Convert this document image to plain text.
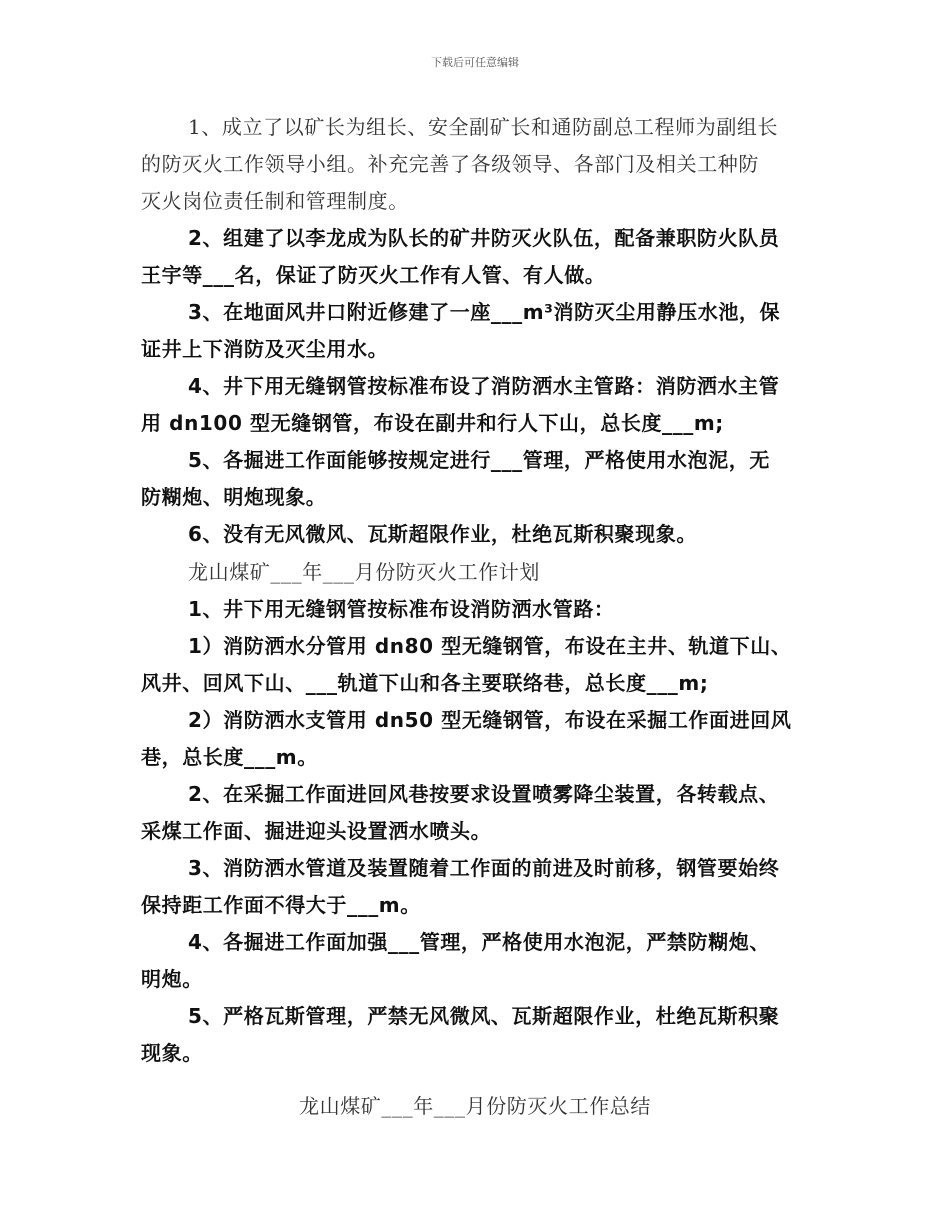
下载后可任意编辑
1、成立了以矿长为组长、安全副矿长和通防副总工程师为副组长
的防灭火工作领导小组。补充完善了各级领导、各部门及相关工种防
灭火岗位责任制和管理制度。
2、组建了以李龙成为队长的矿井防灭火队伍，配备兼职防火队员
王宇等___名，保证了防灭火工作有人管、有人做。
3、在地面风井口附近修建了一座___m³消防灭尘用静压水池，保
证井上下消防及灭尘用水。
4、井下用无缝钢管按标准布设了消防洒水主管路：消防洒水主管
用 dn100 型无缝钢管，布设在副井和行人下山，总长度___m;
5、各掘进工作面能够按规定进行___管理，严格使用水泡泥，无
防糊炮、明炮现象。
6、没有无风微风、瓦斯超限作业，杜绝瓦斯积聚现象。
龙山煤矿___年___月份防灭火工作计划
1、井下用无缝钢管按标准布设消防洒水管路：
1）消防洒水分管用 dn80 型无缝钢管，布设在主井、轨道下山、
风井、回风下山、___轨道下山和各主要联络巷，总长度___m;
2）消防洒水支管用 dn50 型无缝钢管，布设在采掘工作面进回风
巷，总长度___m。
2、在采掘工作面进回风巷按要求设置喷雾降尘装置，各转载点、
采煤工作面、掘进迎头设置洒水喷头。
3、消防洒水管道及装置随着工作面的前进及时前移，钢管要始终
保持距工作面不得大于___m。
4、各掘进工作面加强___管理，严格使用水泡泥，严禁防糊炮、
明炮。
5、严格瓦斯管理，严禁无风微风、瓦斯超限作业，杜绝瓦斯积聚
现象。
龙山煤矿___年___月份防灭火工作总结
